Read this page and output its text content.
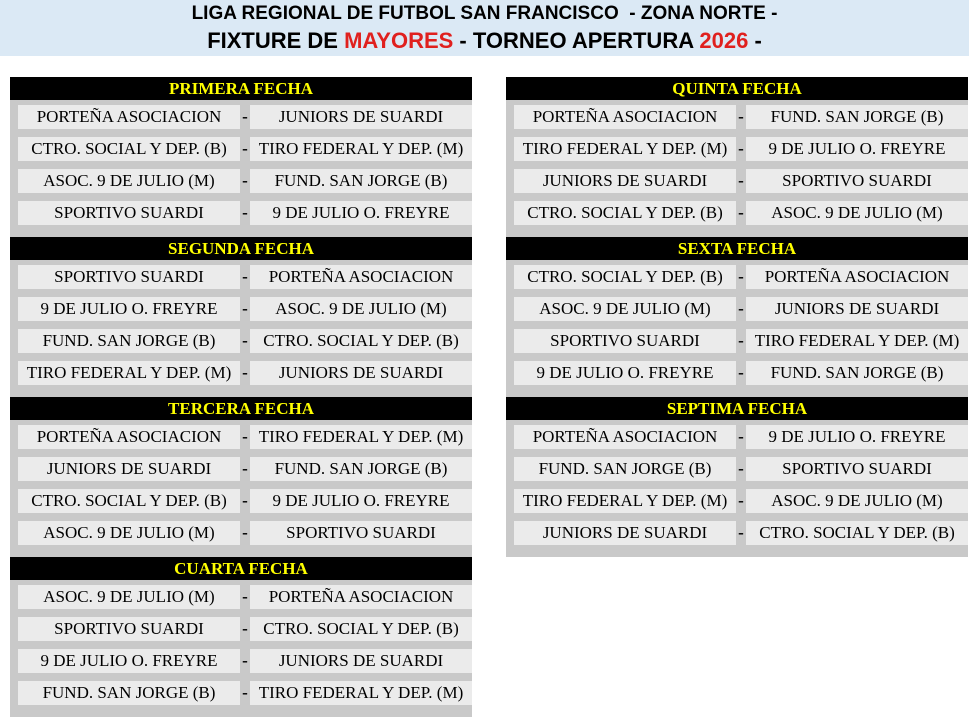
LIGA REGIONAL DE FUTBOL SAN FRANCISCO  - ZONA NORTE -
FIXTURE DE MAYORES - TORNEO APERTURA 2026 -
PRIMERA FECHA
PORTEÑA ASOCIACION	-	JUNIORS DE SUARDI
CTRO. SOCIAL Y DEP. (B) - TIRO FEDERAL Y DEP. (M)
ASOC. 9 DE JULIO (M)	-	FUND. SAN JORGE (B)
SPORTIVO SUARDI	-	9 DE JULIO O. FREYRE
SEGUNDA FECHA
SPORTIVO SUARDI	-	PORTEÑA ASOCIACION
9 DE JULIO O. FREYRE	-	ASOC. 9 DE JULIO (M)
FUND. SAN JORGE (B)	- CTRO. SOCIAL Y DEP. (B)
TIRO FEDERAL Y DEP. (M) -	JUNIORS DE SUARDI
TERCERA FECHA
PORTEÑA ASOCIACION	- TIRO FEDERAL Y DEP. (M)
JUNIORS DE SUARDI	-	FUND. SAN JORGE (B)
CTRO. SOCIAL Y DEP. (B) -	9 DE JULIO O. FREYRE
ASOC. 9 DE JULIO (M)	-	SPORTIVO SUARDI
CUARTA FECHA
ASOC. 9 DE JULIO (M)	-	PORTEÑA ASOCIACION
SPORTIVO SUARDI	- CTRO. SOCIAL Y DEP. (B)
9 DE JULIO O. FREYRE	-	JUNIORS DE SUARDI
FUND. SAN JORGE (B)	- TIRO FEDERAL Y DEP. (M)
QUINTA FECHA
PORTEÑA ASOCIACION	-	FUND. SAN JORGE (B)
TIRO FEDERAL Y DEP. (M) -	9 DE JULIO O. FREYRE
JUNIORS DE SUARDI	-	SPORTIVO SUARDI
CTRO. SOCIAL Y DEP. (B) -	ASOC. 9 DE JULIO (M)
SEXTA FECHA
CTRO. SOCIAL Y DEP. (B) -	PORTEÑA ASOCIACION
ASOC. 9 DE JULIO (M)	-	JUNIORS DE SUARDI
SPORTIVO SUARDI	- TIRO FEDERAL Y DEP. (M)
9 DE JULIO O. FREYRE	-	FUND. SAN JORGE (B)
SEPTIMA FECHA
PORTEÑA ASOCIACION	-	9 DE JULIO O. FREYRE
FUND. SAN JORGE (B)	-	SPORTIVO SUARDI
TIRO FEDERAL Y DEP. (M) -	ASOC. 9 DE JULIO (M)
JUNIORS DE SUARDI	- CTRO. SOCIAL Y DEP. (B)
